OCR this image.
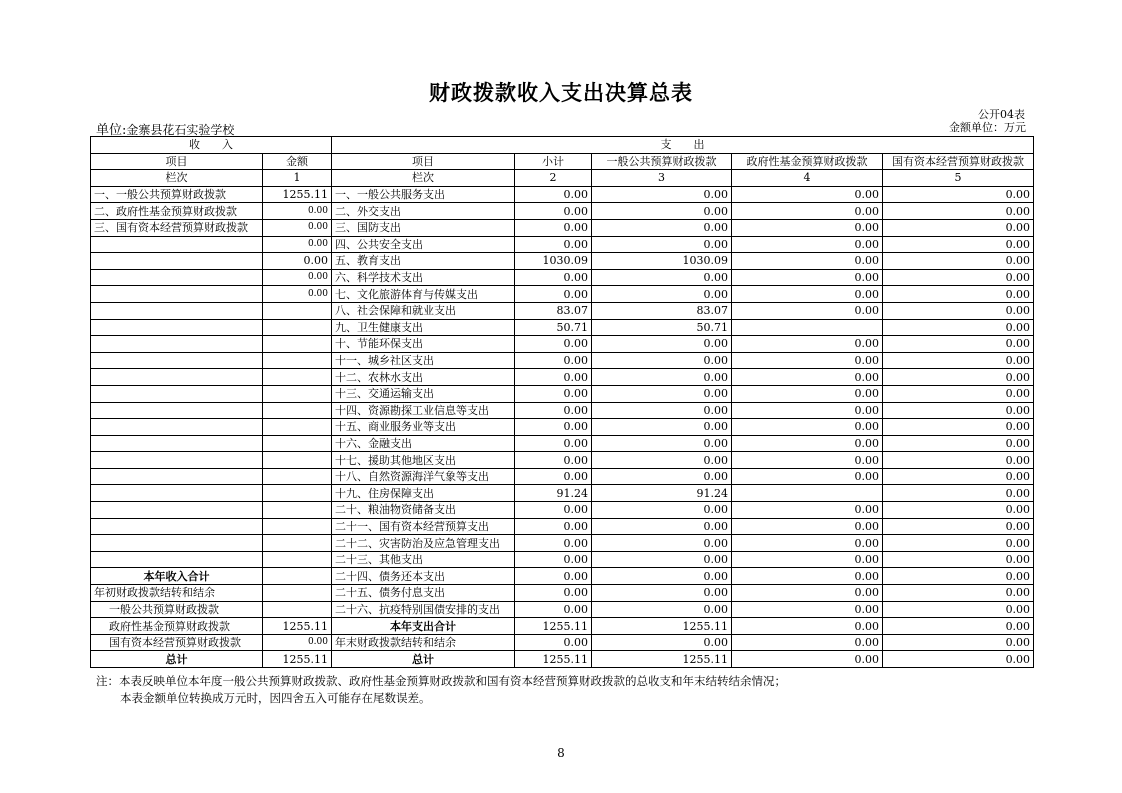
财政拨款收入支出决算总表
公开04表
单位:金寨县花石实验学校	金额单位：万元
收　　入		支　　出				
项目	金额	项目	小计	一般公共预算财政拨款	政府性基金预算财政拨款	国有资本经营预算财政拨款
栏次	1	栏次	2	3	4	5
一、一般公共预算财政拨款	1255.11	一、一般公共服务支出	0.00	0.00	0.00	0.00
二、政府性基金预算财政拨款	0.00	二、外交支出	0.00	0.00	0.00	0.00
三、国有资本经营预算财政拨款	0.00	三、国防支出	0.00	0.00	0.00	0.00
	0.00	四、公共安全支出	0.00	0.00	0.00	0.00
	0.00	五、教育支出	1030.09	1030.09	0.00	0.00
	0.00	六、科学技术支出	0.00	0.00	0.00	0.00
	0.00	七、文化旅游体育与传媒支出	0.00	0.00	0.00	0.00
		八、社会保障和就业支出	83.07	83.07	0.00	0.00
		九、卫生健康支出	50.71	50.71		0.00
		十、节能环保支出	0.00	0.00	0.00	0.00
		十一、城乡社区支出	0.00	0.00	0.00	0.00
		十二、农林水支出	0.00	0.00	0.00	0.00
		十三、交通运输支出	0.00	0.00	0.00	0.00
		十四、资源勘探工业信息等支出	0.00	0.00	0.00	0.00
		十五、商业服务业等支出	0.00	0.00	0.00	0.00
		十六、金融支出	0.00	0.00	0.00	0.00
		十七、援助其他地区支出	0.00	0.00	0.00	0.00
		十八、自然资源海洋气象等支出	0.00	0.00	0.00	0.00
		十九、住房保障支出	91.24	91.24		0.00
		二十、粮油物资储备支出	0.00	0.00	0.00	0.00
		二十一、国有资本经营预算支出	0.00	0.00	0.00	0.00
		二十二、灾害防治及应急管理支出	0.00	0.00	0.00	0.00
		二十三、其他支出	0.00	0.00	0.00	0.00
本年收入合计		二十四、债务还本支出	0.00	0.00	0.00	0.00
年初财政拨款结转和结余		二十五、债务付息支出	0.00	0.00	0.00	0.00
一般公共预算财政拨款		二十六、抗疫特别国债安排的支出	0.00	0.00	0.00	0.00
政府性基金预算财政拨款	1255.11	本年支出合计	1255.11	1255.11	0.00	0.00
国有资本经营预算财政拨款	0.00	年末财政拨款结转和结余	0.00	0.00	0.00	0.00
总计	1255.11	总计	1255.11	1255.11	0.00	0.00
注：本表反映单位本年度一般公共预算财政拨款、政府性基金预算财政拨款和国有资本经营预算财政拨款的总收支和年末结转结余情况；
本表金额单位转换成万元时，因四舍五入可能存在尾数误差。
8
